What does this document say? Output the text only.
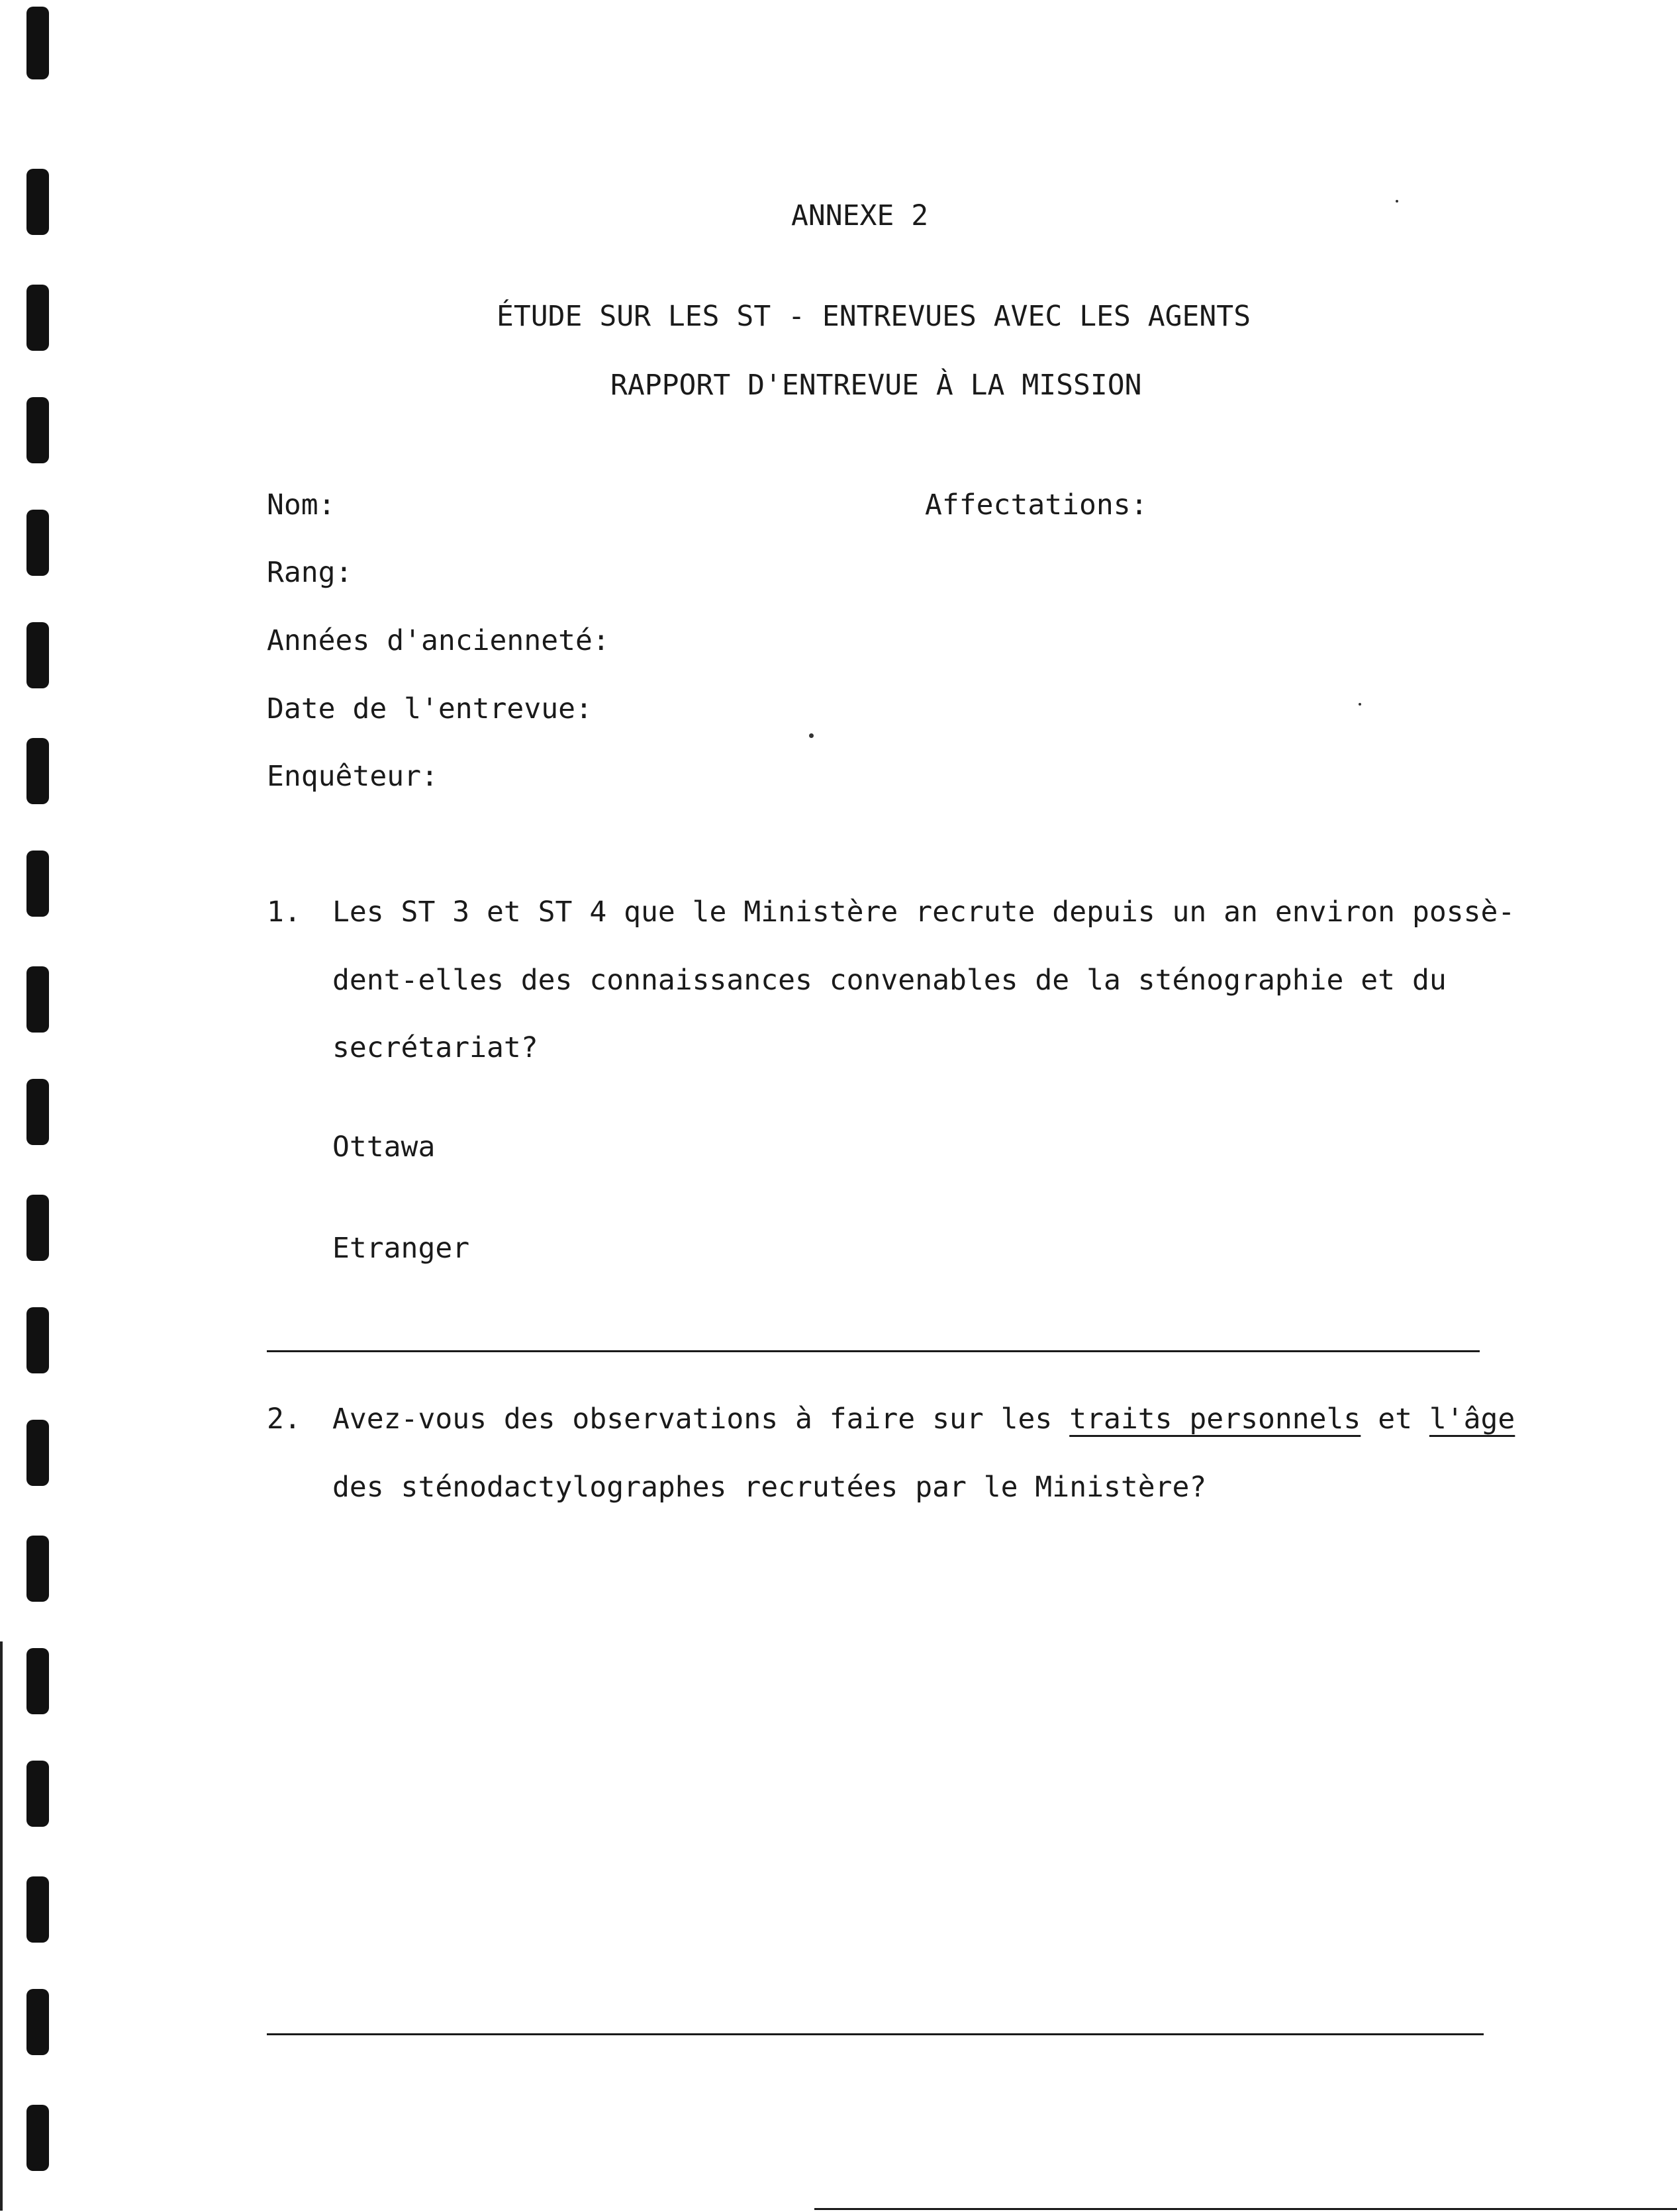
ANNEXE 2
ÉTUDE SUR LES ST - ENTREVUES AVEC LES AGENTS
RAPPORT D'ENTREVUE À LA MISSION
Nom:	Affectations:
Rang:
Années d'ancienneté:
Date de l'entrevue:
Enquêteur:
1. Les ST 3 et ST 4 que le Ministère recrute depuis un an environ possè-
dent-elles des connaissances convenables de la sténographie et du
secrétariat?
Ottawa
Etranger
2. Avez-vous des observations à faire sur les traits personnels et l'âge
des sténodactylographes recrutées par le Ministère?
